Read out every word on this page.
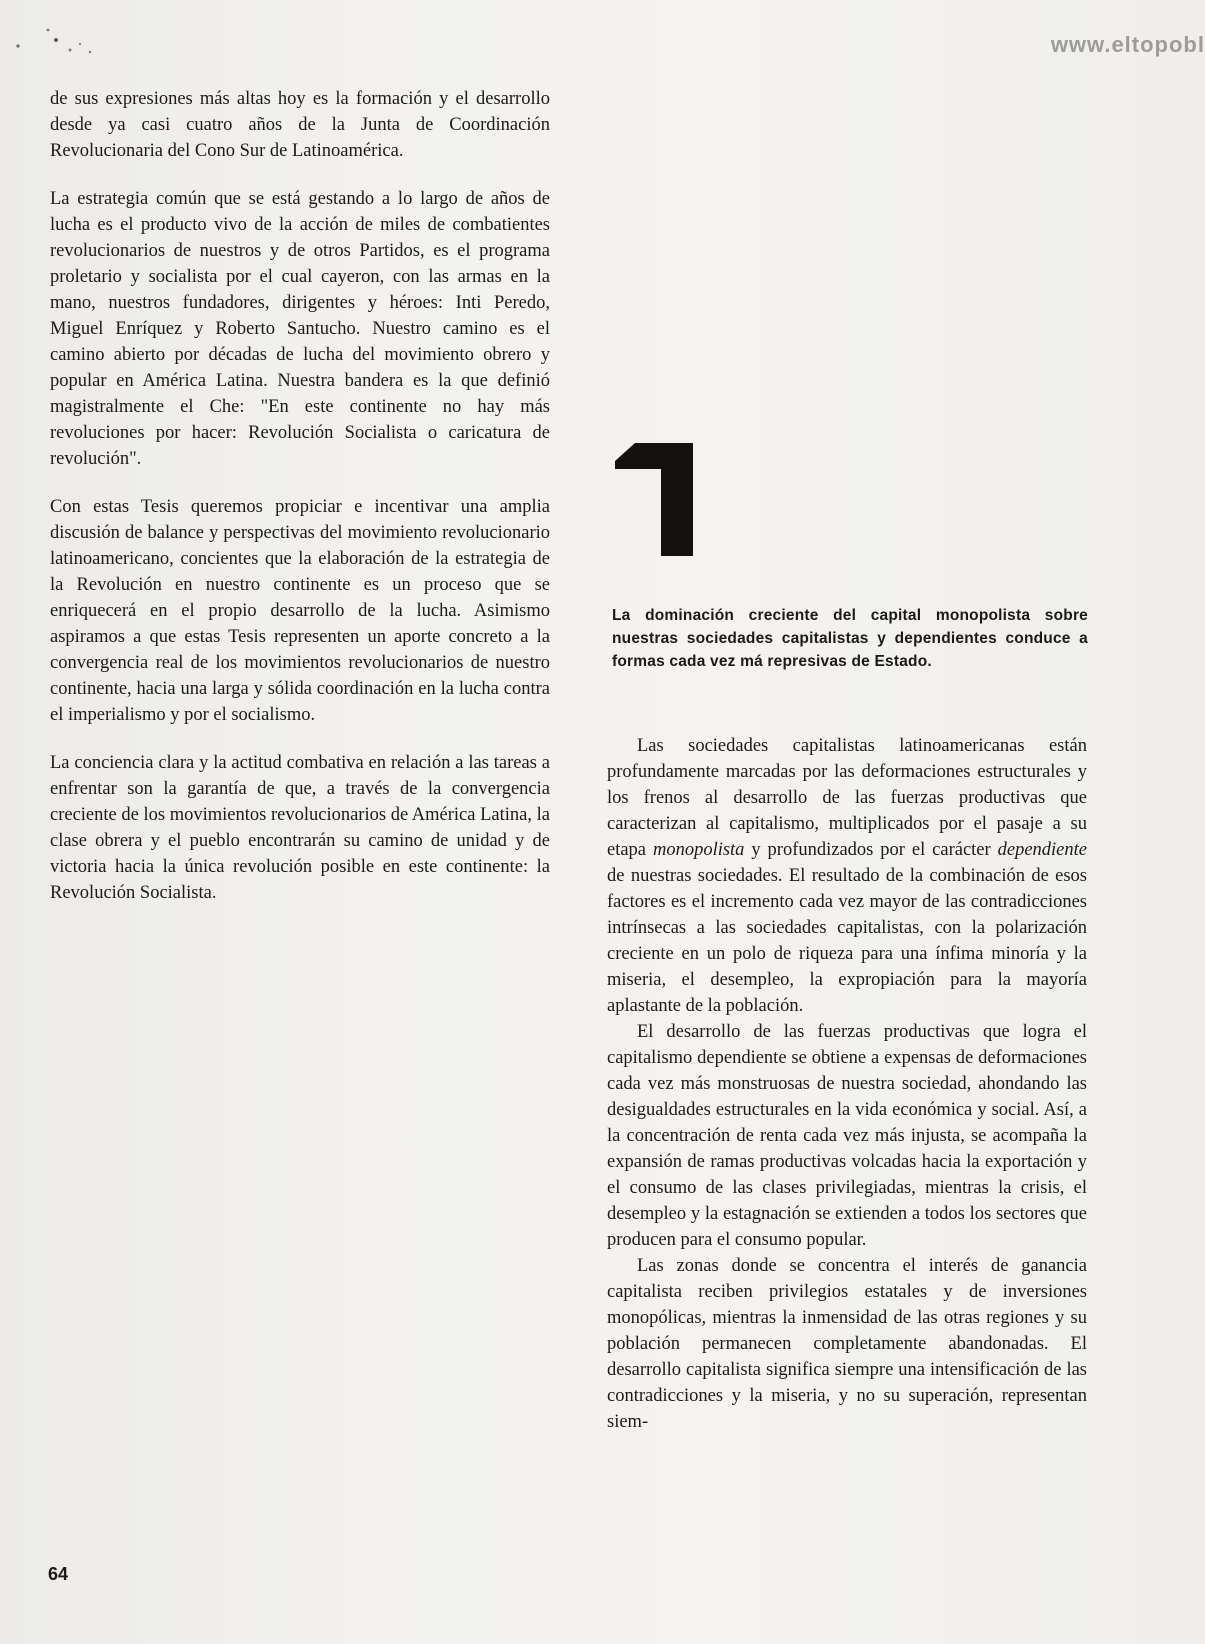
www.eltopobl

de sus expresiones más altas hoy es la formación y el desarrollo desde ya casi cuatro años de la Junta de Coordinación Revolucionaria del Cono Sur de Latinoamérica.

La estrategia común que se está gestando a lo largo de años de lucha es el producto vivo de la acción de miles de combatientes revolucionarios de nuestros y de otros Partidos, es el programa proletario y socialista por el cual cayeron, con las armas en la mano, nuestros fundadores, dirigentes y héroes: Inti Peredo, Miguel Enríquez y Roberto Santucho. Nuestro camino es el camino abierto por décadas de lucha del movimiento obrero y popular en América Latina. Nuestra bandera es la que definió magistralmente el Che: "En este continente no hay más revoluciones por hacer: Revolución Socialista o caricatura de revolución".

Con estas Tesis queremos propiciar e incentivar una amplia discusión de balance y perspectivas del movimiento revolucionario latinoamericano, concientes que la elaboración de la estrategia de la Revolución en nuestro continente es un proceso que se enriquecerá en el propio desarrollo de la lucha. Asimismo aspiramos a que estas Tesis representen un aporte concreto a la convergencia real de los movimientos revolucionarios de nuestro continente, hacia una larga y sólida coordinación en la lucha contra el imperialismo y por el socialismo.

La conciencia clara y la actitud combativa en relación a las tareas a enfrentar son la garantía de que, a través de la convergencia creciente de los movimientos revolucionarios de América Latina, la clase obrera y el pueblo encontrarán su camino de unidad y de victoria hacia la única revolución posible en este continente: la Revolución Socialista.

La dominación creciente del capital monopolista sobre nuestras sociedades capitalistas y dependientes conduce a formas cada vez má represivas de Estado.

Las sociedades capitalistas latinoamericanas están profundamente marcadas por las deformaciones estructurales y los frenos al desarrollo de las fuerzas productivas que caracterizan al capitalismo, multiplicados por el pasaje a su etapa monopolista y profundizados por el carácter dependiente de nuestras sociedades. El resultado de la combinación de esos factores es el incremento cada vez mayor de las contradicciones intrínsecas a las sociedades capitalistas, con la polarización creciente en un polo de riqueza para una ínfima minoría y la miseria, el desempleo, la expropiación para la mayoría aplastante de la población.

El desarrollo de las fuerzas productivas que logra el capitalismo dependiente se obtiene a expensas de deformaciones cada vez más monstruosas de nuestra sociedad, ahondando las desigualdades estructurales en la vida económica y social. Así, a la concentración de renta cada vez más injusta, se acompaña la expansión de ramas productivas volcadas hacia la exportación y el consumo de las clases privilegiadas, mientras la crisis, el desempleo y la estagnación se extienden a todos los sectores que producen para el consumo popular.

Las zonas donde se concentra el interés de ganancia capitalista reciben privilegios estatales y de inversiones monopólicas, mientras la inmensidad de las otras regiones y su población permanecen completamente abandonadas. El desarrollo capitalista significa siempre una intensificación de las contradicciones y la miseria, y no su superación, representan siem-

64
